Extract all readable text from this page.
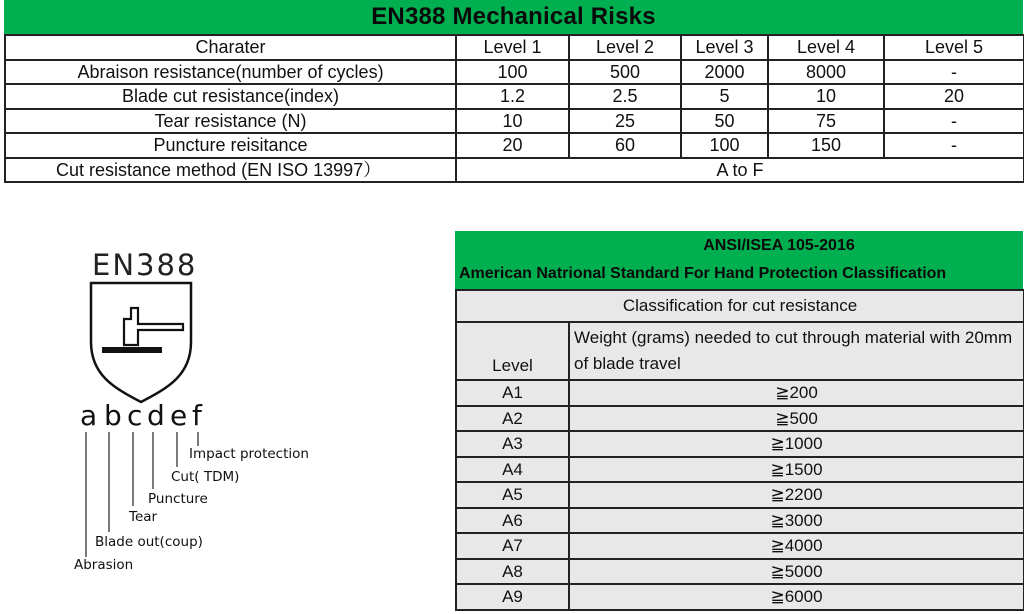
EN388 Mechanical Risks
Charater	Level 1	Level 2	Level 3	Level 4	Level 5
Abraison resistance(number of cycles)	100	500	2000	8000	-
Blade cut resistance(index)	1.2	2.5	5	10	20
Tear resistance (N)	10	25	50	75	-
Puncture reisitance	20	60	100	150	-
Cut resistance method (EN ISO 13997）	A to F				
EN388
a b c d e f
Abrasion
Blade out(coup)
Tear
Puncture
Cut( TDM)
Impact protection
ANSI/ISEA 105-2016
American Natrional Standard For Hand Protection Classification
Classification for cut resistance	
Level	Weight (grams) needed to cut through material with 20mm of blade travel
A1	≧200
A2	≧500
A3	≧1000
A4	≧1500
A5	≧2200
A6	≧3000
A7	≧4000
A8	≧5000
A9	≧6000
